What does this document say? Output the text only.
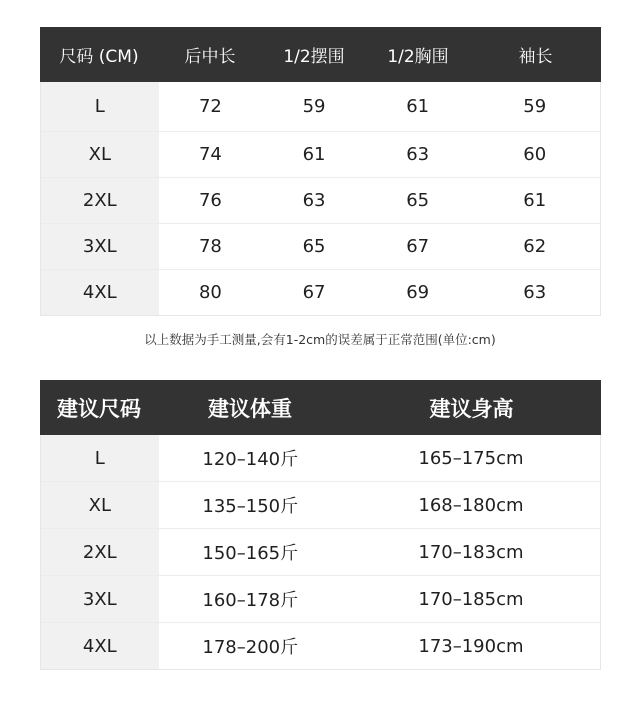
尺码 (CM)	后中长	1/2摆围	1/2胸围	袖长
L	72	59	61	59
XL	74	61	63	60
2XL	76	63	65	61
3XL	78	65	67	62
4XL	80	67	69	63
以上数据为手工测量,会有1-2cm的误差属于正常范围(单位:cm)
建议尺码	建议体重	建议身高
L	120–140斤	165–175cm
XL	135–150斤	168–180cm
2XL	150–165斤	170–183cm
3XL	160–178斤	170–185cm
4XL	178–200斤	173–190cm
